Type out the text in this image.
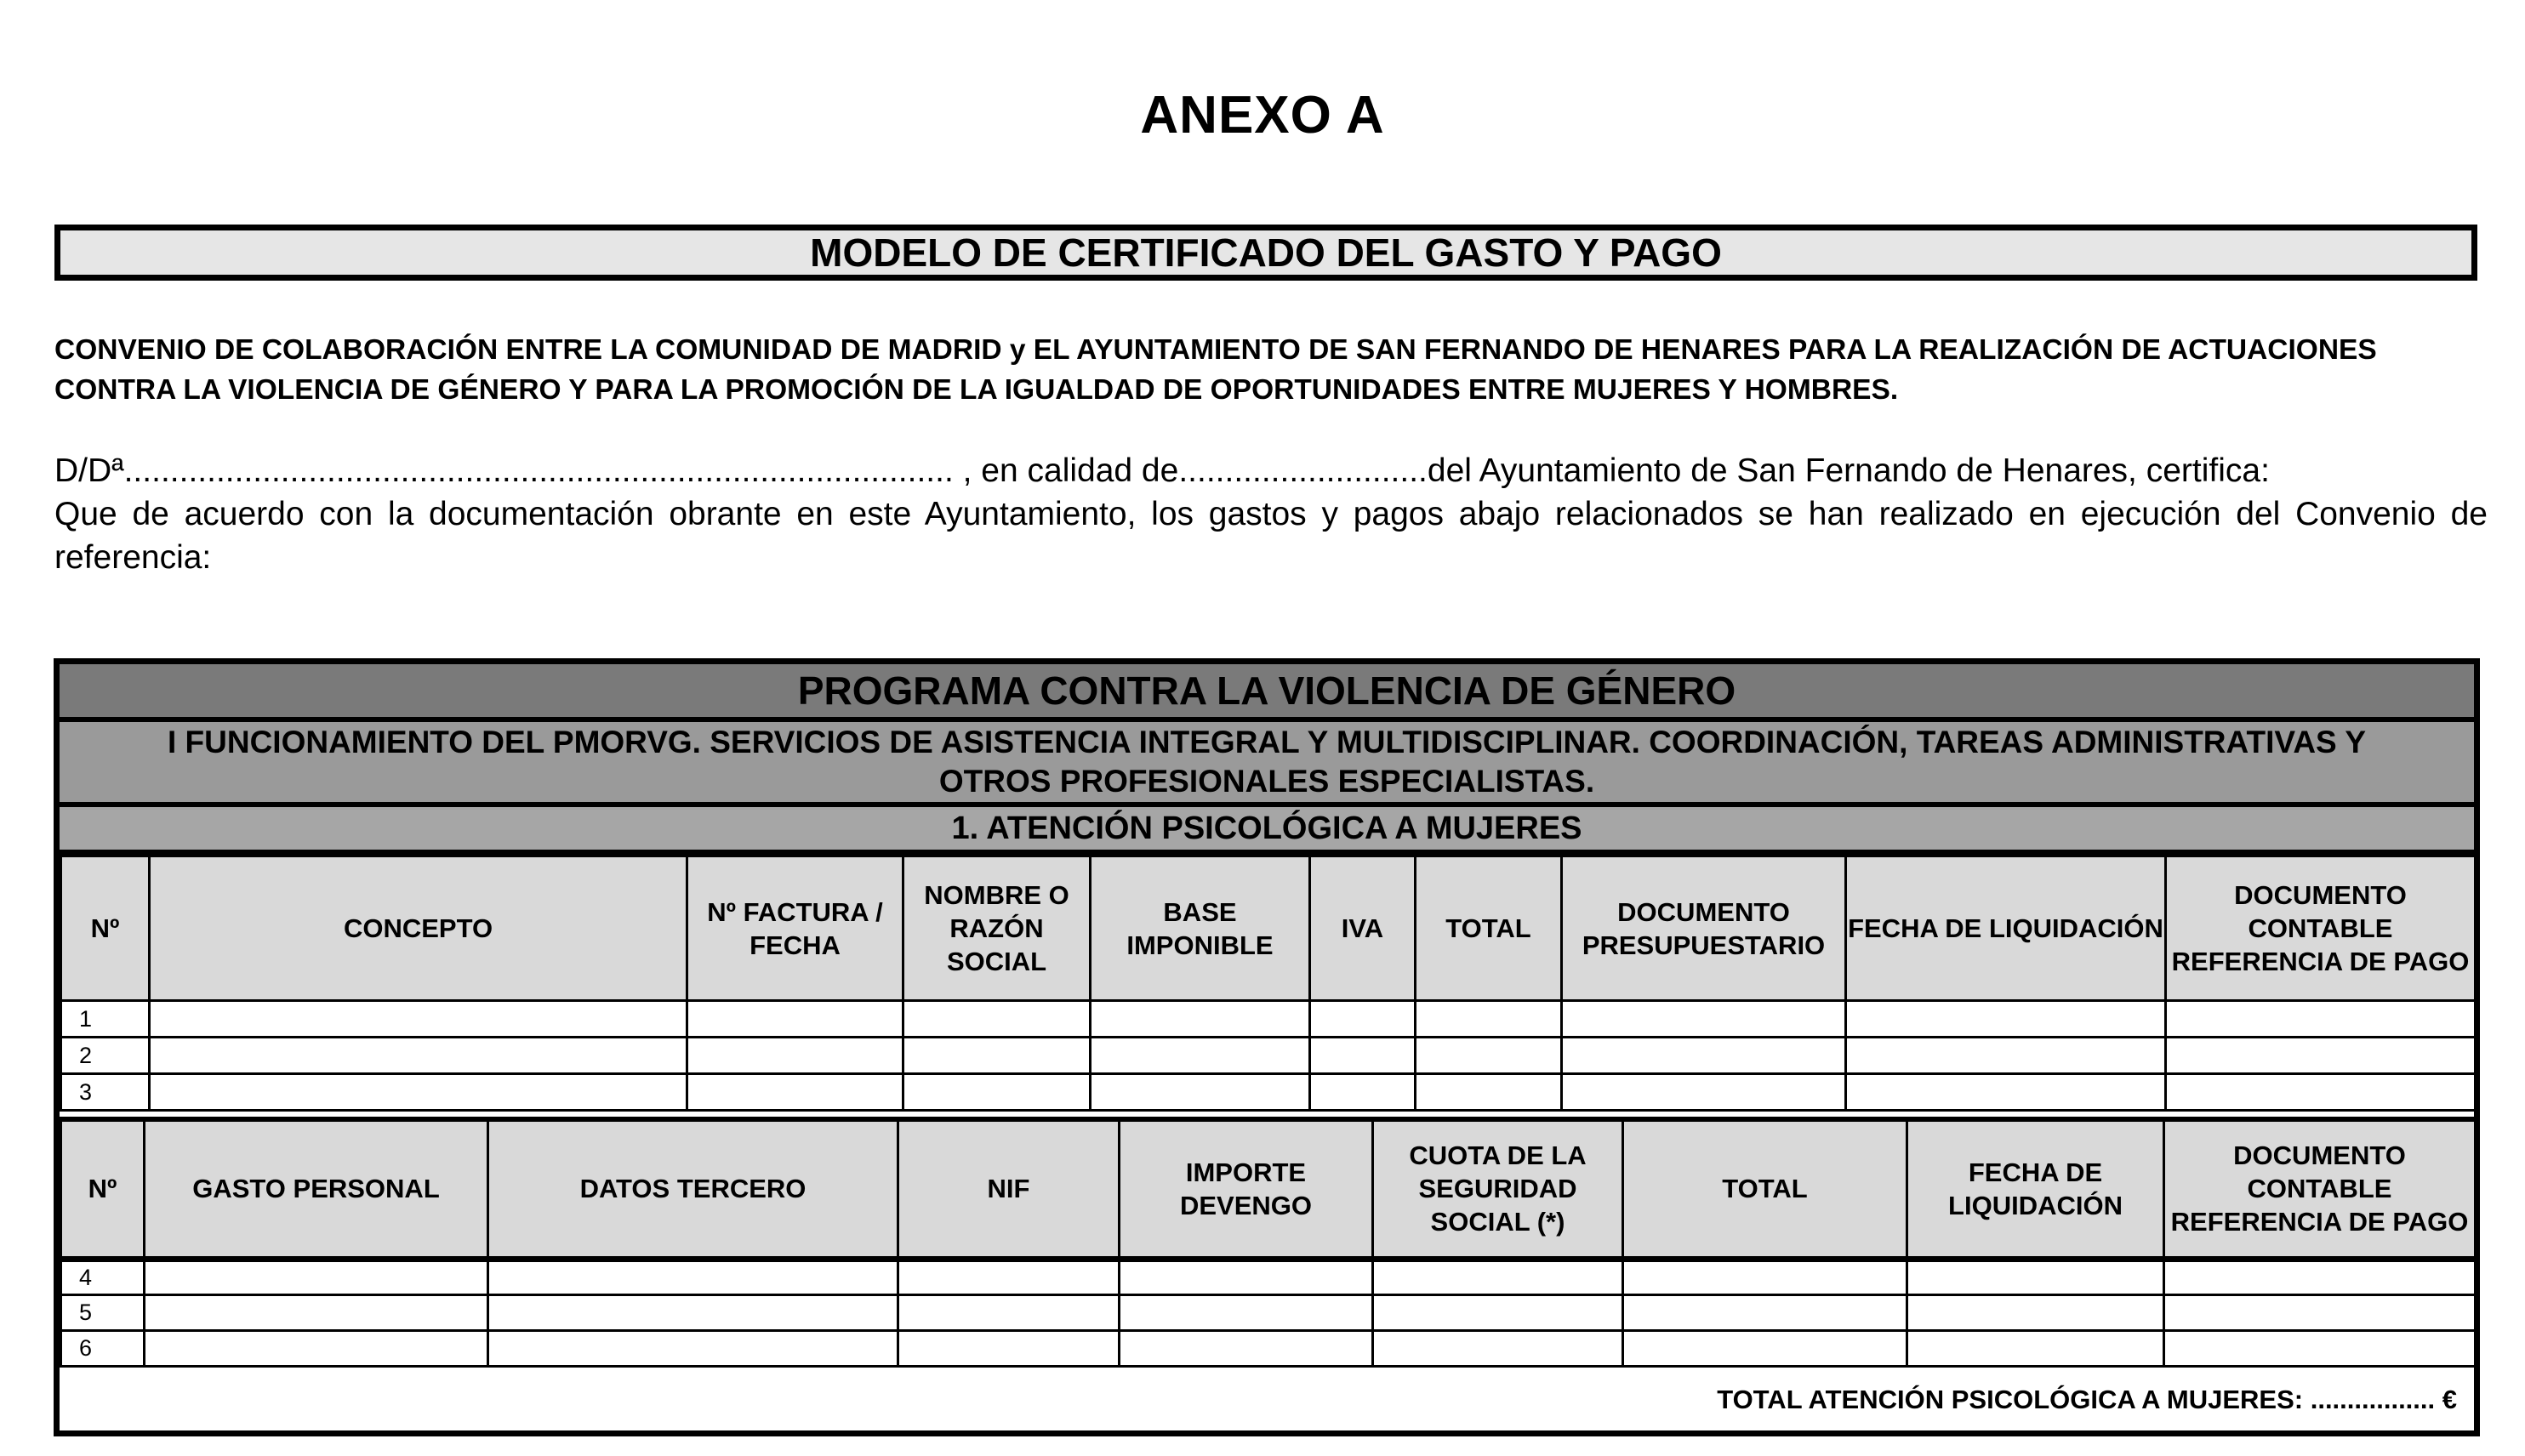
ANEXO A
MODELO DE CERTIFICADO DEL GASTO Y PAGO
CONVENIO DE COLABORACIÓN ENTRE LA COMUNIDAD DE MADRID y EL AYUNTAMIENTO DE SAN FERNANDO DE HENARES PARA LA REALIZACIÓN DE ACTUACIONES
CONTRA LA VIOLENCIA DE GÉNERO Y PARA LA PROMOCIÓN DE LA IGUALDAD DE OPORTUNIDADES ENTRE MUJERES Y HOMBRES.
D/Dª.......................................................................................... , en calidad de...........................del Ayuntamiento de San Fernando de Henares, certifica:
Que de acuerdo con la documentación obrante en este Ayuntamiento, los gastos y pagos abajo relacionados se han realizado en ejecución del Convenio de
referencia:
PROGRAMA CONTRA LA VIOLENCIA DE GÉNERO
I FUNCIONAMIENTO DEL PMORVG. SERVICIOS DE ASISTENCIA INTEGRAL Y MULTIDISCIPLINAR. COORDINACIÓN, TAREAS ADMINISTRATIVAS Y
OTROS PROFESIONALES ESPECIALISTAS.
1. ATENCIÓN PSICOLÓGICA A MUJERES
Nº	CONCEPTO	Nº FACTURA / FECHA	NOMBRE O RAZÓN SOCIAL	BASE IMPONIBLE	IVA	TOTAL	DOCUMENTO PRESUPUESTARIO	FECHA DE LIQUIDACIÓN	DOCUMENTO CONTABLE REFERENCIA DE PAGO
1									
2									
3									
Nº	GASTO PERSONAL	DATOS TERCERO	NIF	IMPORTE DEVENGO	CUOTA DE LA SEGURIDAD SOCIAL (*)	TOTAL	FECHA DE LIQUIDACIÓN	DOCUMENTO CONTABLE REFERENCIA DE PAGO
4								
5								
6								
TOTAL ATENCIÓN PSICOLÓGICA A MUJERES: ................. €
